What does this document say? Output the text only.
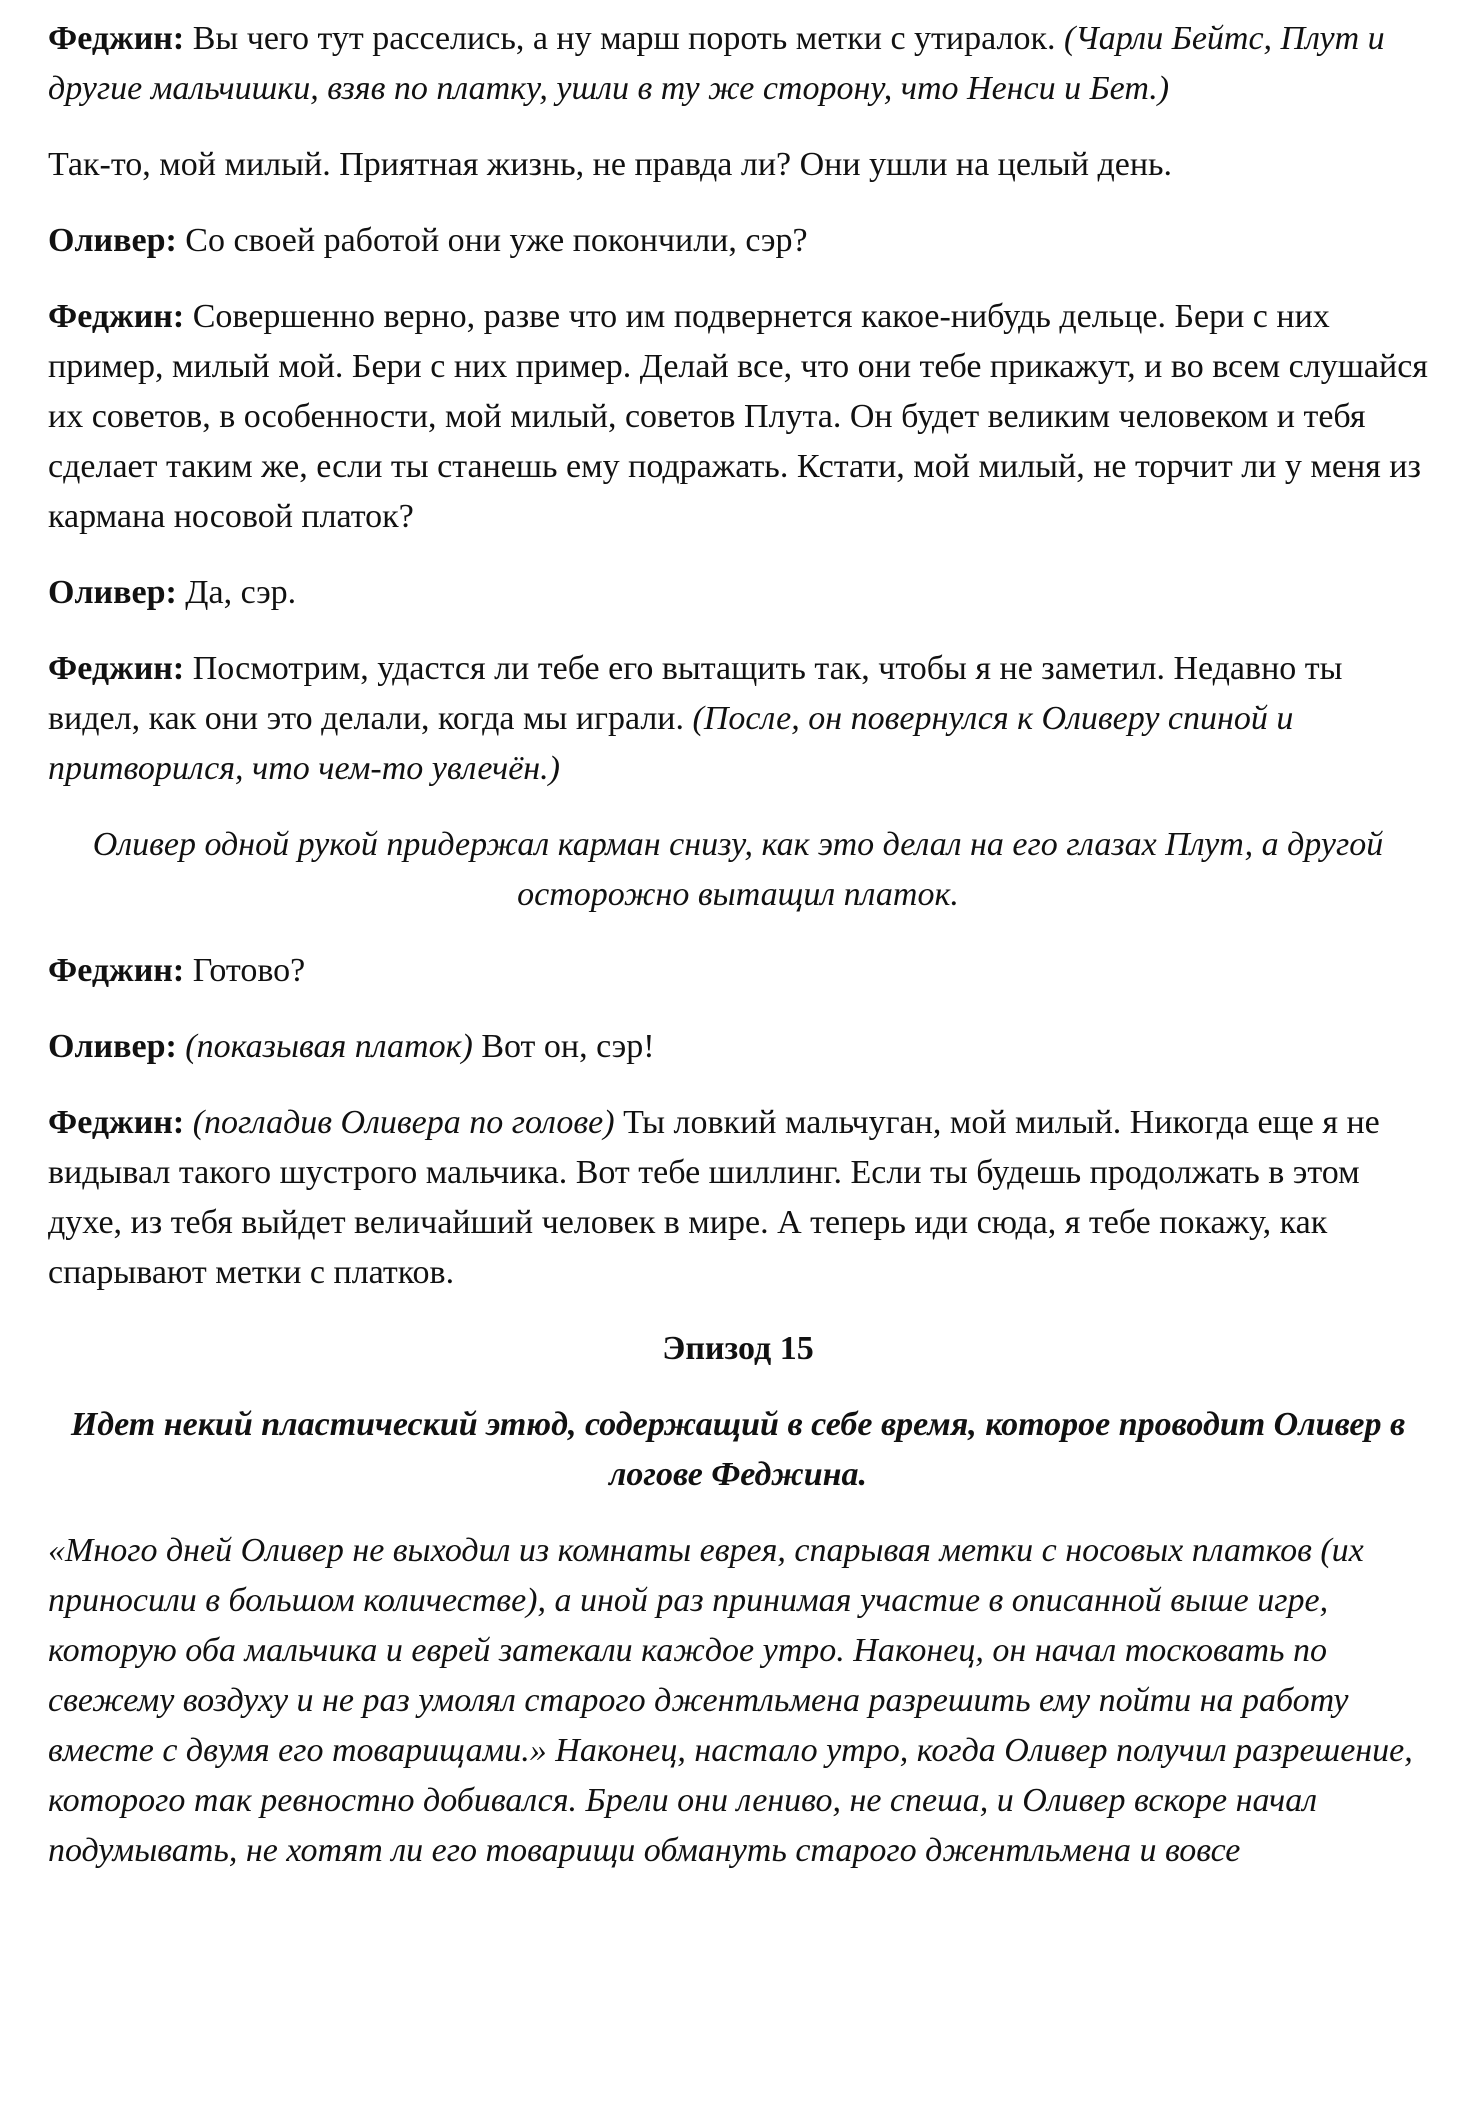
Феджин: Вы чего тут расселись, а ну марш пороть метки с утиралок. (Чарли Бейтс, Плут и другие мальчишки, взяв по платку, ушли в ту же сторону, что Ненси и Бет.)

Так-то, мой милый. Приятная жизнь, не правда ли? Они ушли на целый день.

Оливер: Со своей работой они уже покончили, сэр?

Феджин: Совершенно верно, разве что им подвернется какое-нибудь дельце. Бери с них пример, милый мой. Бери с них пример. Делай все, что они тебе прикажут, и во всем слушайся их советов, в особенности, мой милый, советов Плута. Он будет великим человеком и тебя сделает таким же, если ты станешь ему подражать. Кстати, мой милый, не торчит ли у меня из кармана носовой платок?

Оливер: Да, сэр.

Феджин: Посмотрим, удастся ли тебе его вытащить так, чтобы я не заметил. Недавно ты видел, как они это делали, когда мы играли. (После, он повернулся к Оливеру спиной и притворился, что чем-то увлечён.)

Оливер одной рукой придержал карман снизу, как это делал на его глазах Плут, а другой осторожно вытащил платок.

Феджин: Готово?

Оливер: (показывая платок) Вот он, сэр!

Феджин: (погладив Оливера по голове) Ты ловкий мальчуган, мой милый. Никогда еще я не видывал такого шустрого мальчика. Вот тебе шиллинг. Если ты будешь продолжать в этом духе, из тебя выйдет величайший человек в мире. А теперь иди сюда, я тебе покажу, как спарывают метки с платков.

Эпизод 15

Идет некий пластический этюд, содержащий в себе время, которое проводит Оливер в логове Феджина.

«Много дней Оливер не выходил из комнаты еврея, спарывая метки с носовых платков (их приносили в большом количестве), а иной раз принимая участие в описанной выше игре, которую оба мальчика и еврей затекали каждое утро. Наконец, он начал тосковать по свежему воздуху и не раз умолял старого джентльмена разрешить ему пойти на работу вместе с двумя его товарищами.» Наконец, настало утро, когда Оливер получил разрешение, которого так ревностно добивался. Брели они лениво, не спеша, и Оливер вскоре начал подумывать, не хотят ли его товарищи обмануть старого джентльмена и вовсе
